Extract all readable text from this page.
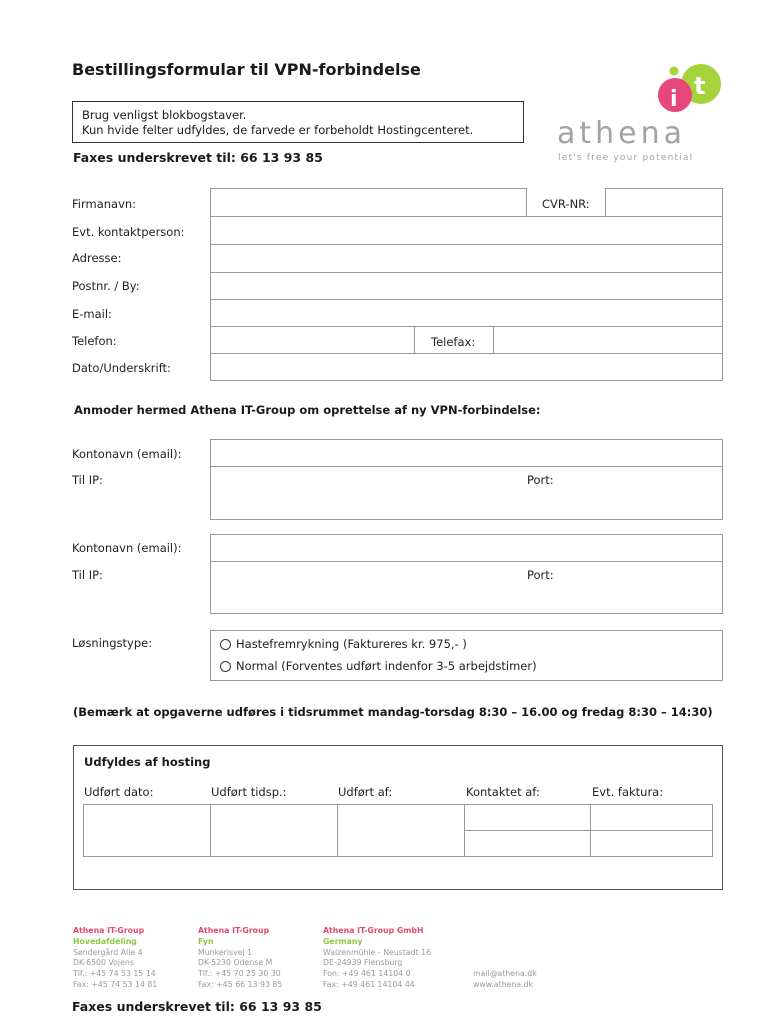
Bestillingsformular til VPN-forbindelse
Brug venligst blokbogstaver.
Kun hvide felter udfyldes, de farvede er forbeholdt Hostingcenteret.
Faxes underskrevet til: 66 13 93 85
i t
athena
let's free your potential
Firmanavn:	CVR-NR:
Evt. kontaktperson:
Adresse:
Postnr. / By:
E-mail:
Telefon:	Telefax:
Dato/Underskrift:
Anmoder hermed Athena IT-Group om oprettelse af ny VPN-forbindelse:
Kontonavn (email):
Til IP:	Port:
Kontonavn (email):
Til IP:	Port:
Løsningstype:	Hastefremrykning (Faktureres kr. 975,- )
Normal (Forventes udført indenfor 3-5 arbejdstimer)
(Bemærk at opgaverne udføres i tidsrummet mandag-torsdag 8:30 – 16.00 og fredag 8:30 – 14:30)
Udfyldes af hosting
Udført dato:	Udført tidsp.:	Udført af:	Kontaktet af:	Evt. faktura:
Athena IT-Group
Hovedafdeling
Søndergård Alle 4
DK-6500 Vojens
Tlf.: +45 74 53 15 14
Fax: +45 74 53 14 81
Athena IT-Group
Fyn
Munkerisvej 1
DK-5230 Odense M
Tlf.: +45 70 25 30 30
Fax: +45 66 13 93 85
Athena IT-Group GmbH
Germany
Walzenmühle - Neustadt 16
DE-24939 Flensburg
Fon: +49 461 14104 0
Fax: +49 461 14104 44
mail@athena.dk
www.athena.dk
Faxes underskrevet til: 66 13 93 85
